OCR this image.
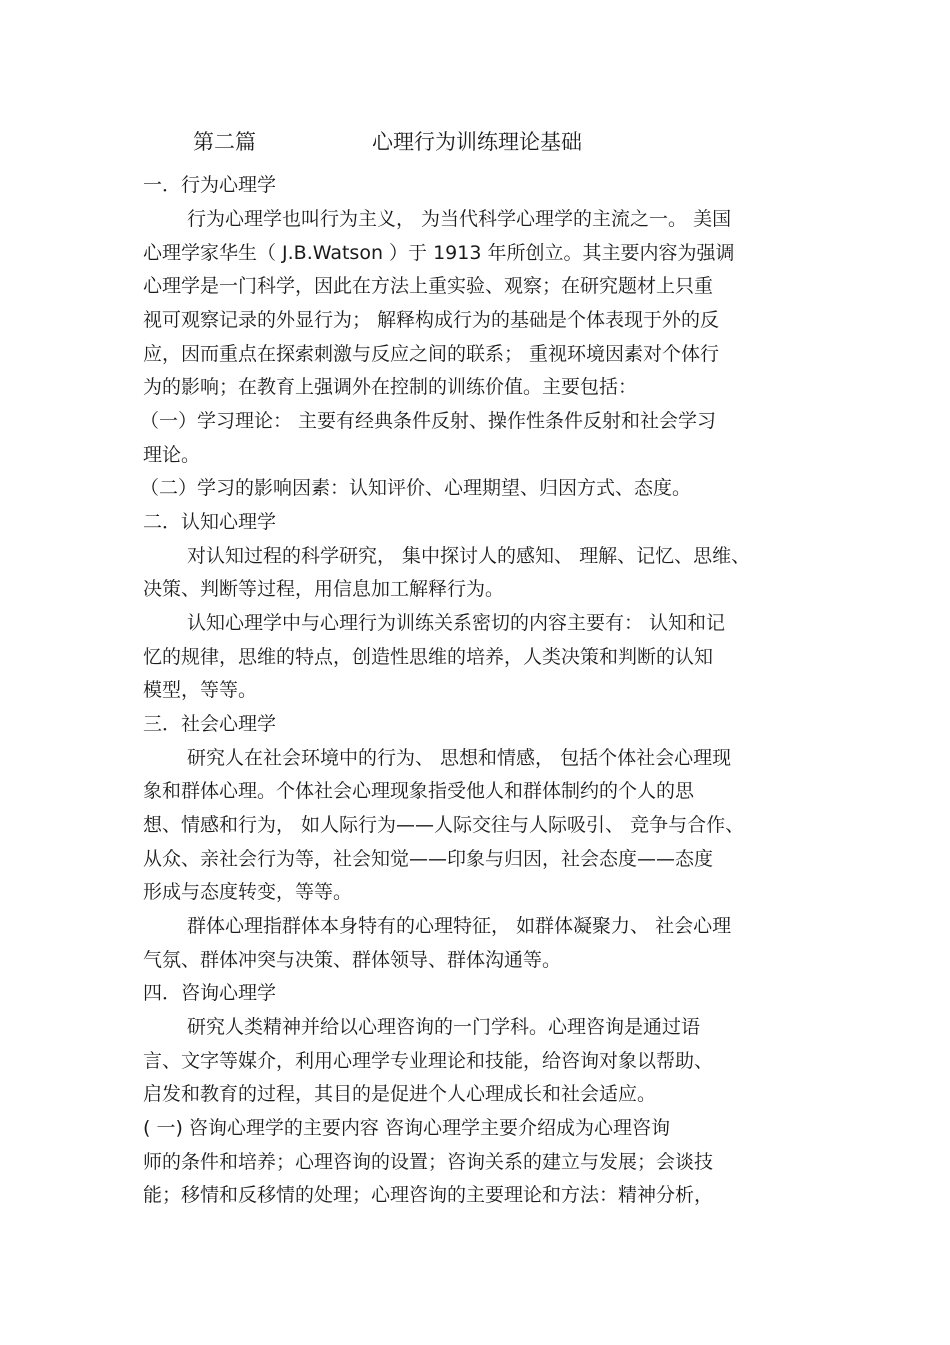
第二篇	心理行为训练理论基础
一．行为心理学
行为心理学也叫行为主义， 为当代科学心理学的主流之一。 美国
心理学家华生（ J.B.Watson ）于 1913 年所创立。其主要内容为强调
心理学是一门科学，因此在方法上重实验、观察；在研究题材上只重
视可观察记录的外显行为； 解释构成行为的基础是个体表现于外的反
应，因而重点在探索刺激与反应之间的联系； 重视环境因素对个体行
为的影响；在教育上强调外在控制的训练价值。主要包括：
（一）学习理论： 主要有经典条件反射、操作性条件反射和社会学习
理论。
（二）学习的影响因素：认知评价、心理期望、归因方式、态度。
二．认知心理学
对认知过程的科学研究， 集中探讨人的感知、 理解、记忆、思维、
决策、判断等过程，用信息加工解释行为。
认知心理学中与心理行为训练关系密切的内容主要有： 认知和记
忆的规律，思维的特点，创造性思维的培养，人类决策和判断的认知
模型，等等。
三．社会心理学
研究人在社会环境中的行为、 思想和情感， 包括个体社会心理现
象和群体心理。个体社会心理现象指受他人和群体制约的个人的思
想、情感和行为， 如人际行为——人际交往与人际吸引、 竞争与合作、
从众、亲社会行为等，社会知觉——印象与归因，社会态度——态度
形成与态度转变，等等。
群体心理指群体本身特有的心理特征， 如群体凝聚力、 社会心理
气氛、群体冲突与决策、群体领导、群体沟通等。
四．咨询心理学
研究人类精神并给以心理咨询的一门学科。心理咨询是通过语
言、文字等媒介，利用心理学专业理论和技能，给咨询对象以帮助、
启发和教育的过程，其目的是促进个人心理成长和社会适应。
( 一) 咨询心理学的主要内容 咨询心理学主要介绍成为心理咨询
师的条件和培养；心理咨询的设置；咨询关系的建立与发展；会谈技
能；移情和反移情的处理；心理咨询的主要理论和方法：精神分析，
